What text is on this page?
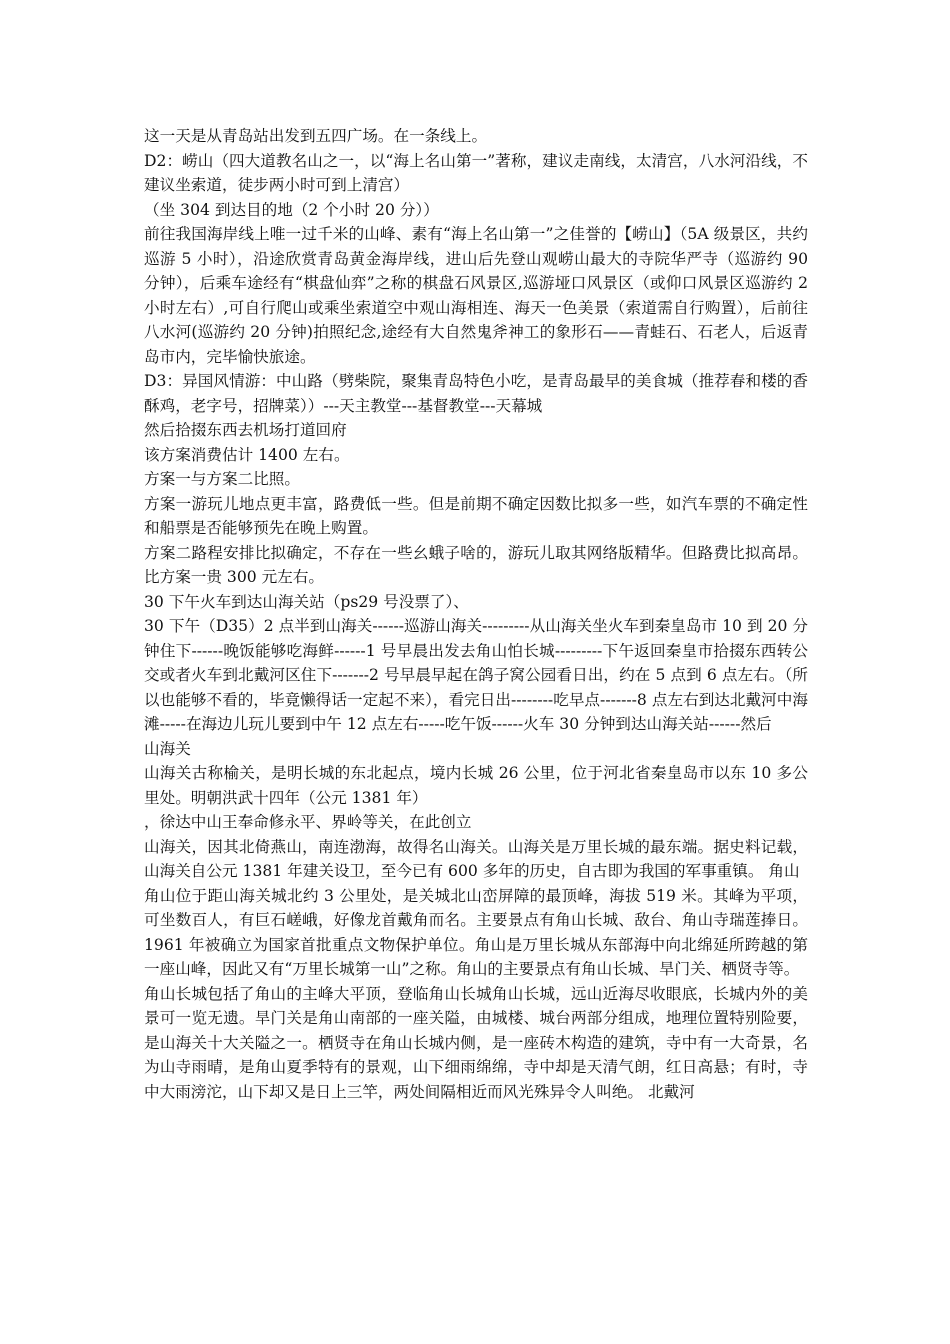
这一天是从青岛站出发到五四广场。在一条线上。

D2：崂山（四大道教名山之一，以“海上名山第一”著称，建议走南线，太清宫，八水河沿线，不建议坐索道，徒步两小时可到上清宫）

（坐 304 到达目的地（2 个小时 20 分））

前往我国海岸线上唯一过千米的山峰、素有“海上名山第一”之佳誉的【崂山】（5A 级景区，共约巡游 5 小时），沿途欣赏青岛黄金海岸线，进山后先登山观崂山最大的寺院华严寺（巡游约 90 分钟），后乘车途经有“棋盘仙弈”之称的棋盘石风景区,巡游垭口风景区（或仰口风景区巡游约 2 小时左右）,可自行爬山或乘坐索道空中观山海相连、海天一色美景（索道需自行购置），后前往八水河(巡游约 20 分钟)拍照纪念,途经有大自然鬼斧神工的象形石——青蛙石、石老人，后返青岛市内，完毕愉快旅途。

D3：异国风情游：中山路（劈柴院，聚集青岛特色小吃，是青岛最早的美食城（推荐春和楼的香酥鸡，老字号，招牌菜））---天主教堂---基督教堂---天幕城

然后拾掇东西去机场打道回府

该方案消费估计 1400 左右。

方案一与方案二比照。

方案一游玩儿地点更丰富，路费低一些。但是前期不确定因数比拟多一些，如汽车票的不确定性和船票是否能够预先在晚上购置。

方案二路程安排比拟确定，不存在一些幺蛾子啥的，游玩儿取其网络版精华。但路费比拟高昂。比方案一贵 300 元左右。

30 下午火车到达山海关站（ps29 号没票了）、

30 下午（D35）2 点半到山海关------巡游山海关---------从山海关坐火车到秦皇岛市 10 到 20 分钟住下------晚饭能够吃海鲜------1 号早晨出发去角山怕长城---------下午返回秦皇市拾掇东西转公交或者火车到北戴河区住下-------2 号早晨早起在鸽子窝公园看日出，约在 5 点到 6 点左右。（所以也能够不看的，毕竟懒得话一定起不来），看完日出--------吃早点-------8 点左右到达北戴河中海滩-----在海边儿玩儿要到中午 12 点左右-----吃午饭------火车 30 分钟到达山海关站------然后

山海关

山海关古称榆关，是明长城的东北起点，境内长城 26 公里，位于河北省秦皇岛市以东 10 多公里处。明朝洪武十四年（公元 1381 年）

，徐达中山王奉命修永平、界岭等关，在此创立

山海关，因其北倚燕山，南连渤海，故得名山海关。山海关是万里长城的最东端。据史料记载，山海关自公元 1381 年建关设卫，至今已有 600 多年的历史，自古即为我国的军事重镇。 角山

角山位于距山海关城北约 3 公里处，是关城北山峦屏障的最顶峰，海拔 519 米。其峰为平项，可坐数百人，有巨石嵯峨，好像龙首戴角而名。主要景点有角山长城、敌台、角山寺瑞莲捧日。1961 年被确立为国家首批重点文物保护单位。角山是万里长城从东部海中向北绵延所跨越的第一座山峰，因此又有“万里长城第一山”之称。角山的主要景点有角山长城、旱门关、栖贤寺等。

角山长城包括了角山的主峰大平顶，登临角山长城角山长城，远山近海尽收眼底，长城内外的美景可一览无遗。旱门关是角山南部的一座关隘，由城楼、城台两部分组成，地理位置特别险要，是山海关十大关隘之一。栖贤寺在角山长城内侧，是一座砖木构造的建筑，寺中有一大奇景，名为山寺雨晴，是角山夏季特有的景观，山下细雨绵绵，寺中却是天清气朗，红日高悬；有时，寺中大雨滂沱，山下却又是日上三竿，两处间隔相近而风光殊异令人叫绝。 北戴河
